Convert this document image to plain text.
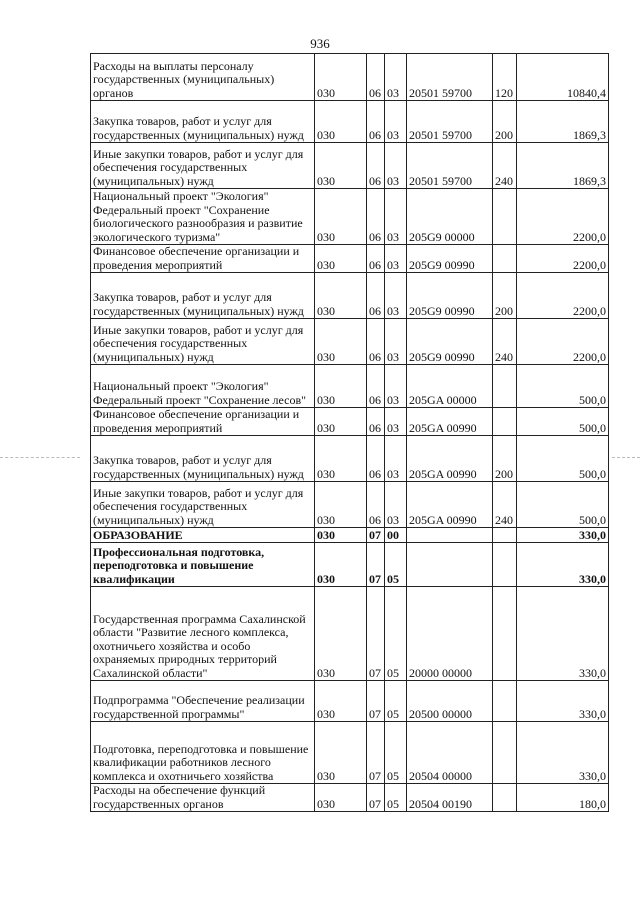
936
Расходы на выплаты персоналу государственных (муниципальных) органов	030	06	03	20501 59700	120	10840,4
Закупка товаров, работ и услуг для государственных (муниципальных) нужд	030	06	03	20501 59700	200	1869,3
Иные закупки товаров, работ и услуг для обеспечения государственных (муниципальных) нужд	030	06	03	20501 59700	240	1869,3
Национальный проект "Экология" Федеральный проект "Сохранение биологического разнообразия и развитие экологического туризма"	030	06	03	205G9 00000		2200,0
Финансовое обеспечение организации и проведения мероприятий	030	06	03	205G9 00990		2200,0
Закупка товаров, работ и услуг для государственных (муниципальных) нужд	030	06	03	205G9 00990	200	2200,0
Иные закупки товаров, работ и услуг для обеспечения государственных (муниципальных) нужд	030	06	03	205G9 00990	240	2200,0
Национальный проект "Экология" Федеральный проект "Сохранение лесов"	030	06	03	205GA 00000		500,0
Финансовое обеспечение организации и проведения мероприятий	030	06	03	205GA 00990		500,0
Закупка товаров, работ и услуг для государственных (муниципальных) нужд	030	06	03	205GA 00990	200	500,0
Иные закупки товаров, работ и услуг для обеспечения государственных (муниципальных) нужд	030	06	03	205GA 00990	240	500,0
ОБРАЗОВАНИЕ	030	07	00			330,0
Профессиональная подготовка, переподготовка и повышение квалификации	030	07	05			330,0
Государственная программа Сахалинской области "Развитие лесного комплекса, охотничьего хозяйства и особо охраняемых природных территорий Сахалинской области"	030	07	05	20000 00000		330,0
Подпрограмма "Обеспечение реализации государственной программы"	030	07	05	20500 00000		330,0
Подготовка, переподготовка и повышение квалификации работников лесного комплекса и охотничьего хозяйства	030	07	05	20504 00000		330,0
Расходы на обеспечение функций государственных органов	030	07	05	20504 00190		180,0
